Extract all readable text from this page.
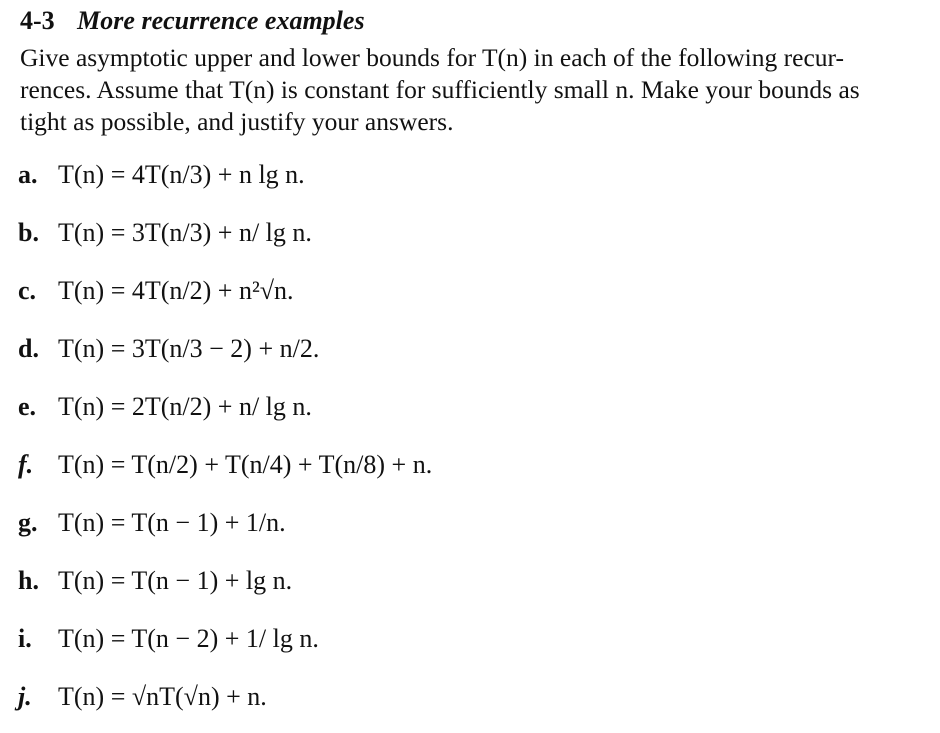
4-3 More recurrence examples
Give asymptotic upper and lower bounds for T(n) in each of the following recur- rences. Assume that T(n) is constant for sufficiently small n. Make your bounds as tight as possible, and justify your answers.
a. T(n) = 4T(n/3) + n lg n.
b. T(n) = 3T(n/3) + n/ lg n.
c. T(n) = 4T(n/2) + n²√n.
d. T(n) = 3T(n/3 − 2) + n/2.
e. T(n) = 2T(n/2) + n/ lg n.
f. T(n) = T(n/2) + T(n/4) + T(n/8) + n.
g. T(n) = T(n − 1) + 1/n.
h. T(n) = T(n − 1) + lg n.
i.	T(n) = T(n − 2) + 1/ lg n.
j.	T(n) = √nT(√n) + n.
